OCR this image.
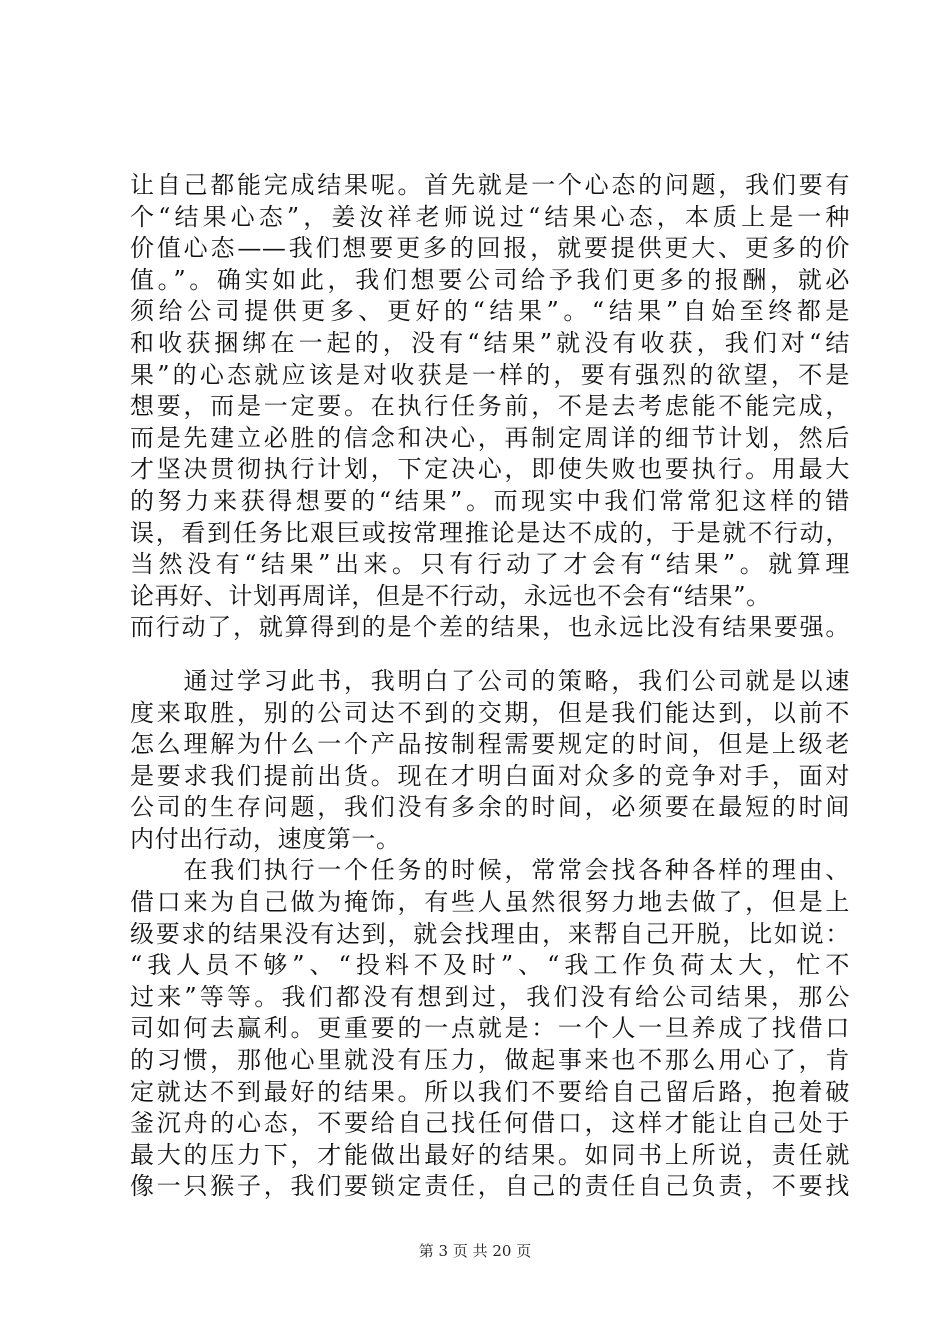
让自己都能完成结果呢。首先就是一个心态的问题，我们要有
个“结果心态”，姜汝祥老师说过“结果心态，本质上是一种
价值心态——我们想要更多的回报，就要提供更大、更多的价
值。”。确实如此，我们想要公司给予我们更多的报酬，就必
须给公司提供更多、更好的“结果”。“结果”自始至终都是
和收获捆绑在一起的，没有“结果”就没有收获，我们对“结
果”的心态就应该是对收获是一样的，要有强烈的欲望，不是
想要，而是一定要。在执行任务前，不是去考虑能不能完成，
而是先建立必胜的信念和决心，再制定周详的细节计划，然后
才坚决贯彻执行计划，下定决心，即使失败也要执行。用最大
的努力来获得想要的“结果”。而现实中我们常常犯这样的错
误，看到任务比艰巨或按常理推论是达不成的，于是就不行动，
当然没有“结果”出来。只有行动了才会有“结果”。就算理
论再好、计划再周详，但是不行动，永远也不会有“结果”。
而行动了，就算得到的是个差的结果，也永远比没有结果要强。
　　通过学习此书，我明白了公司的策略，我们公司就是以速
度来取胜，别的公司达不到的交期，但是我们能达到，以前不
怎么理解为什么一个产品按制程需要规定的时间，但是上级老
是要求我们提前出货。现在才明白面对众多的竞争对手，面对
公司的生存问题，我们没有多余的时间，必须要在最短的时间
内付出行动，速度第一。
　　在我们执行一个任务的时候，常常会找各种各样的理由、
借口来为自己做为掩饰，有些人虽然很努力地去做了，但是上
级要求的结果没有达到，就会找理由，来帮自己开脱，比如说：
“我人员不够”、“投料不及时”、“我工作负荷太大，忙不
过来”等等。我们都没有想到过，我们没有给公司结果，那公
司如何去赢利。更重要的一点就是：一个人一旦养成了找借口
的习惯，那他心里就没有压力，做起事来也不那么用心了，肯
定就达不到最好的结果。所以我们不要给自己留后路，抱着破
釜沉舟的心态，不要给自己找任何借口，这样才能让自己处于
最大的压力下，才能做出最好的结果。如同书上所说，责任就
像一只猴子，我们要锁定责任，自己的责任自己负责，不要找
第 3 页 共 20 页
